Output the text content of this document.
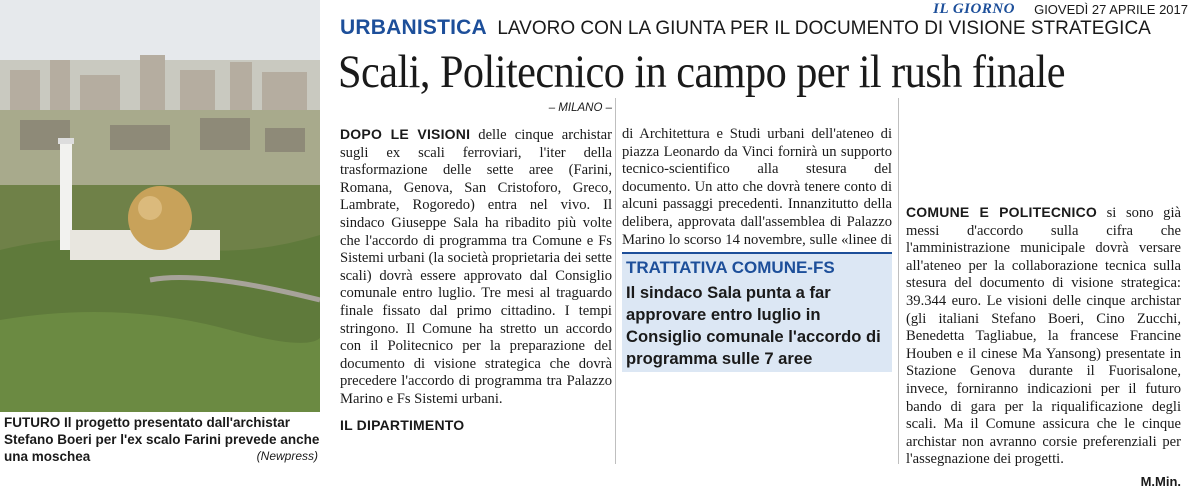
FUTURO Il progetto presentato dall'archistar Stefano Boeri per l'ex scalo Farini prevede anche una moschea	(Newpress)
IL GIORNO GIOVEDÌ 27 APRILE 2017
URBANISTICA LAVORO CON LA GIUNTA PER IL DOCUMENTO DI VISIONE STRATEGICA
Scali, Politecnico in campo per il rush finale
– MILANO –

DOPO LE VISIONI delle cinque archistar sugli ex scali ferroviari, l'iter della trasformazione delle sette aree (Farini, Romana, Genova, San Cristoforo, Greco, Lambrate, Rogoredo) entra nel vivo. Il sindaco Giuseppe Sala ha ribadito più volte che l'accordo di programma tra Comune e Fs Sistemi urbani (la società proprietaria dei sette scali) dovrà essere approvato dal Consiglio comunale entro luglio. Tre mesi al traguardo finale fissato dal primo cittadino. I tempi stringono. Il Comune ha stretto un accordo con il Politecnico per la preparazione del documento di visione strategica che dovrà precedere l'accordo di programma tra Palazzo Marino e Fs Sistemi urbani.

IL DIPARTIMENTO

di Architettura e Studi urbani dell'ateneo di piazza Leonardo da Vinci fornirà un supporto tecnico-scientifico alla stesura del documento. Un atto che dovrà tenere conto di alcuni passaggi precedenti. Innanzitutto della delibera, approvata dall'assemblea di Palazzo Marino lo scorso 14 novembre, sulle «linee di

TRATTATIVA COMUNE-FS
Il sindaco Sala punta a far approvare entro luglio in Consiglio comunale l'accordo di programma sulle 7 aree

COMUNE E POLITECNICO si sono già messi d'accordo sulla cifra che l'amministrazione municipale dovrà versare all'ateneo per la collaborazione tecnica sulla stesura del documento di visione strategica: 39.344 euro. Le visioni delle cinque archistar (gli italiani Stefano Boeri, Cino Zucchi, Benedetta Tagliabue, la francese Francine Houben e il cinese Ma Yansong) presentate in Stazione Genova durante il Fuorisalone, invece, forniranno indicazioni per il futuro bando di gara per la riqualificazione degli scali. Ma il Comune assicura che le cinque archistar non avranno corsie preferenziali per l'assegnazione dei progetti.

M.Min.
